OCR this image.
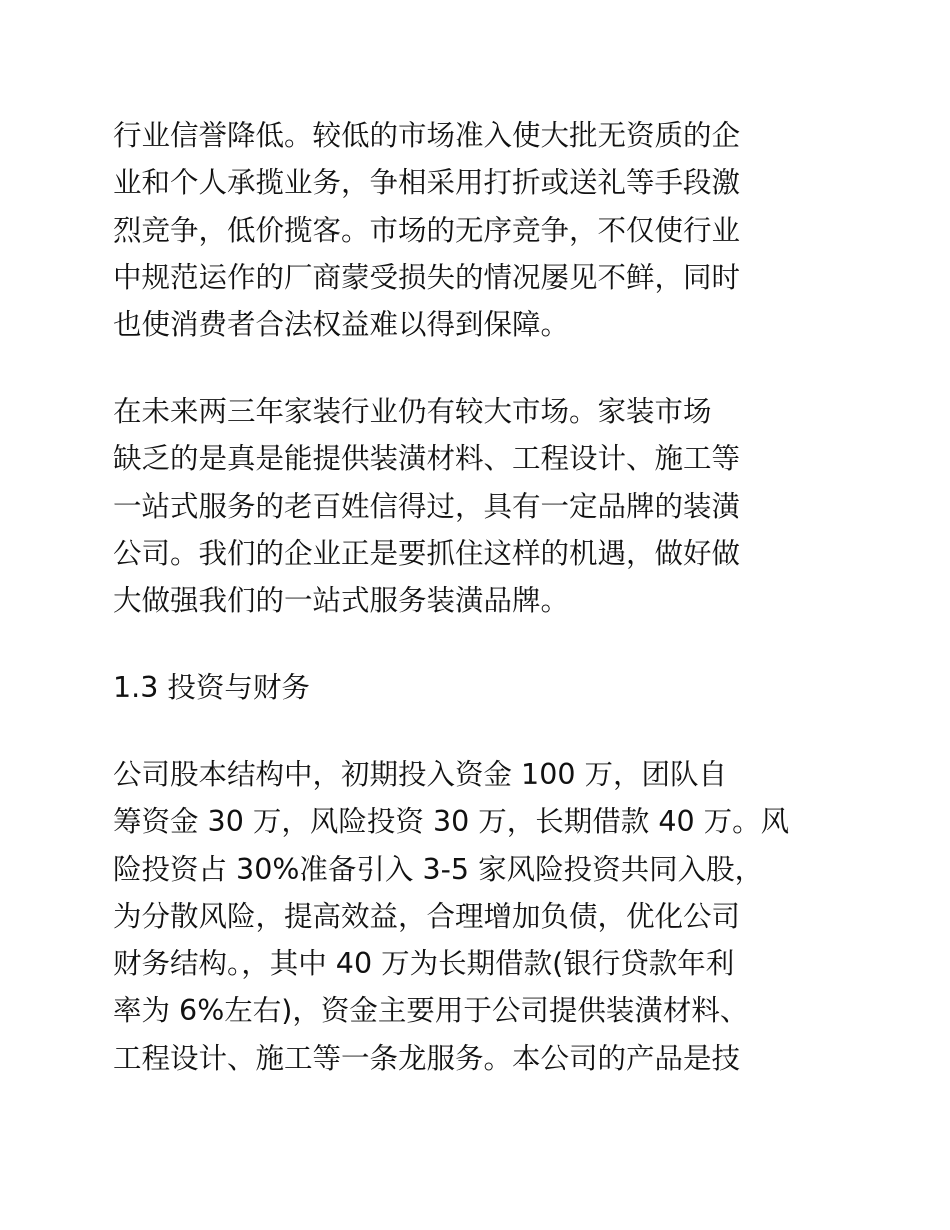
行业信誉降低。较低的市场准入使大批无资质的企
业和个人承揽业务，争相采用打折或送礼等手段激
烈竞争，低价揽客。市场的无序竞争，不仅使行业
中规范运作的厂商蒙受损失的情况屡见不鲜，同时
也使消费者合法权益难以得到保障。
在未来两三年家装行业仍有较大市场。家装市场
缺乏的是真是能提供装潢材料、工程设计、施工等
一站式服务的老百姓信得过，具有一定品牌的装潢
公司。我们的企业正是要抓住这样的机遇，做好做
大做强我们的一站式服务装潢品牌。
1.3 投资与财务
公司股本结构中，初期投入资金 100 万，团队自
筹资金 30 万，风险投资 30 万，长期借款 40 万。风
险投资占 30%准备引入 3-5 家风险投资共同入股，
为分散风险，提高效益，合理增加负债，优化公司
财务结构。，其中 40 万为长期借款(银行贷款年利
率为 6%左右)，资金主要用于公司提供装潢材料、
工程设计、施工等一条龙服务。本公司的产品是技
